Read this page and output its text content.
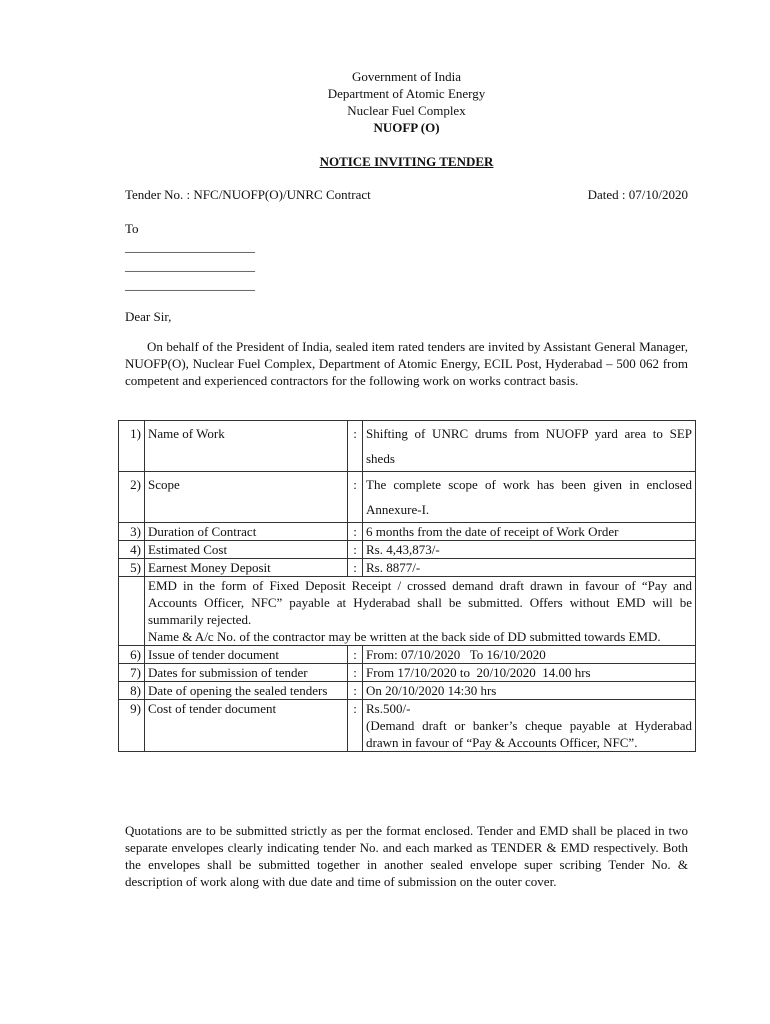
Government of India
Department of Atomic Energy
Nuclear Fuel Complex
NUOFP (O)
NOTICE INVITING TENDER
Tender No. : NFC/NUOFP(O)/UNRC Contract	Dated : 07/10/2020
To
____________________
____________________
____________________
Dear Sir,
On behalf of the President of India, sealed item rated tenders are invited by Assistant General Manager, NUOFP(O), Nuclear Fuel Complex, Department of Atomic Energy, ECIL Post, Hyderabad – 500 062 from competent and experienced contractors for the following work on works contract basis.
1)	Name of Work	:	Shifting of UNRC drums from NUOFP yard area to SEP sheds
2)	Scope	:	The complete scope of work has been given in enclosed Annexure-I.
3)	Duration of Contract	:	6 months from the date of receipt of Work Order
4)	Estimated Cost	:	Rs. 4,43,873/-
5)	Earnest Money Deposit	:	Rs. 8877/-

	EMD in the form of Fixed Deposit Receipt / crossed demand draft drawn in favour of “Pay and Accounts Officer, NFC” payable at Hyderabad shall be submitted. Offers without EMD will be summarily rejected.
Name & A/c No. of the contractor may be written at the back side of DD submitted towards EMD.		

6)	Issue of tender document	:	From: 07/10/2020   To 16/10/2020
7)	Dates for submission of tender	:	From 17/10/2020 to  20/10/2020  14.00 hrs
8)	Date of opening the sealed tenders	:	On 20/10/2020 14:30 hrs
9)	Cost of tender document	:	Rs.500/-
(Demand draft or banker’s cheque payable at Hyderabad drawn in favour of “Pay & Accounts Officer, NFC”.
Quotations are to be submitted strictly as per the format enclosed. Tender and EMD shall be placed in two separate envelopes clearly indicating tender No. and each marked as TENDER & EMD respectively. Both the envelopes shall be submitted together in another sealed envelope super scribing Tender No. & description of work along with due date and time of submission on the outer cover.
